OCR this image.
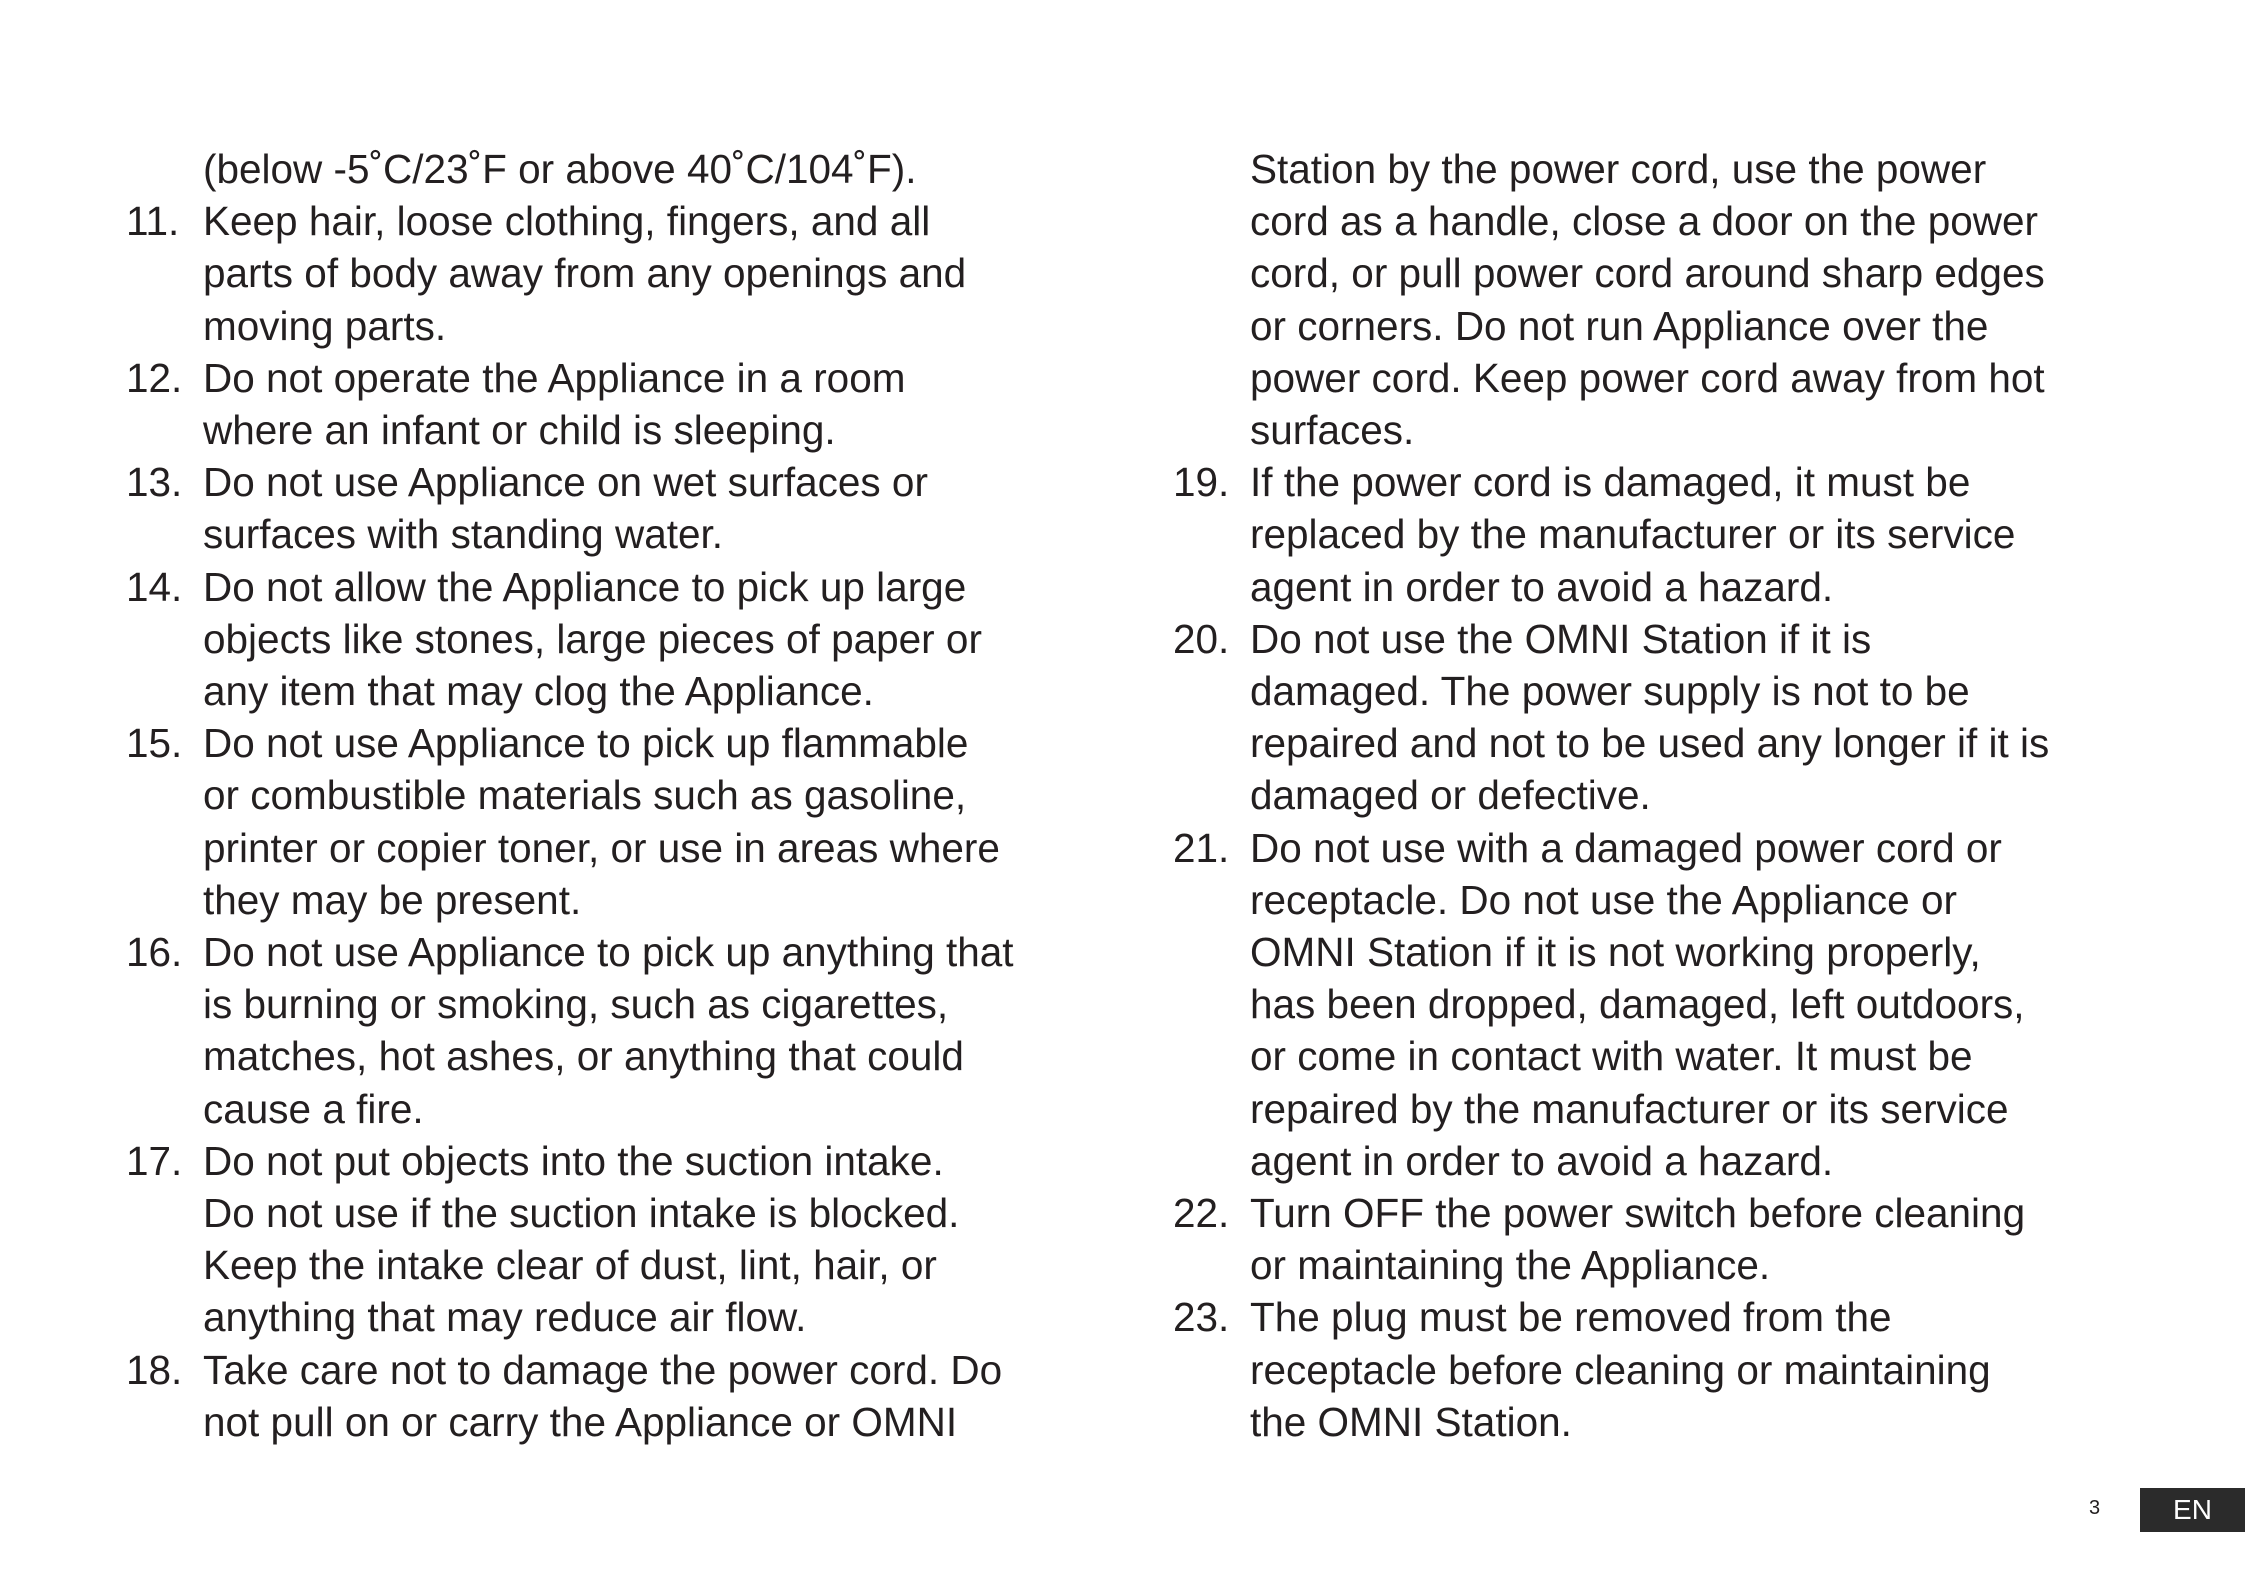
(below -5˚C/23˚F or above 40˚C/104˚F).
11. Keep hair, loose clothing, fingers, and all
parts of body away from any openings and
moving parts.
12. Do not operate the Appliance in a room
where an infant or child is sleeping.
13. Do not use Appliance on wet surfaces or
surfaces with standing water.
14. Do not allow the Appliance to pick up large
objects like stones, large pieces of paper or
any item that may clog the Appliance.
15. Do not use Appliance to pick up flammable
or combustible materials such as gasoline,
printer or copier toner, or use in areas where
they may be present.
16. Do not use Appliance to pick up anything that
is burning or smoking, such as cigarettes,
matches, hot ashes, or anything that could
cause a fire.
17. Do not put objects into the suction intake.
Do not use if the suction intake is blocked.
Keep the intake clear of dust, lint, hair, or
anything that may reduce air flow.
18. Take care not to damage the power cord. Do
not pull on or carry the Appliance or OMNI
Station by the power cord, use the power
cord as a handle, close a door on the power
cord, or pull power cord around sharp edges
or corners. Do not run Appliance over the
power cord. Keep power cord away from hot
surfaces.
19. If the power cord is damaged, it must be
replaced by the manufacturer or its service
agent in order to avoid a hazard.
20. Do not use the OMNI Station if it is
damaged. The power supply is not to be
repaired and not to be used any longer if it is
damaged or defective.
21. Do not use with a damaged power cord or
receptacle. Do not use the Appliance or
OMNI Station if it is not working properly,
has been dropped, damaged, left outdoors,
or come in contact with water. It must be
repaired by the manufacturer or its service
agent in order to avoid a hazard.
22. Turn OFF the power switch before cleaning
or maintaining the Appliance.
23. The plug must be removed from the
receptacle before cleaning or maintaining
the OMNI Station.
3	EN
